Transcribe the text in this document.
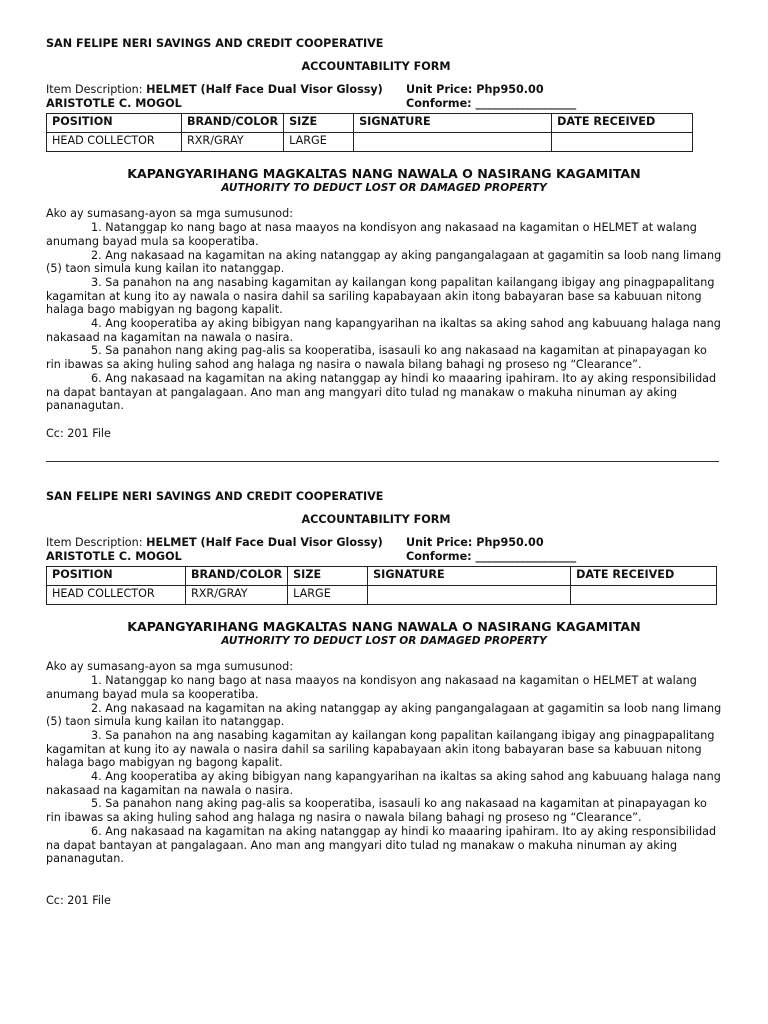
SAN FELIPE NERI SAVINGS AND CREDIT COOPERATIVE
ACCOUNTABILITY FORM
Item Description: HELMET (Half Face Dual Visor Glossy)
ARISTOTLE C. MOGOL
Unit Price: Php950.00
Conforme: __________________
POSITION	BRAND/COLOR	SIZE	SIGNATURE	DATE RECEIVED
HEAD COLLECTOR	RXR/GRAY	LARGE		
KAPANGYARIHANG MAGKALTAS NANG NAWALA O NASIRANG KAGAMITAN
AUTHORITY TO DEDUCT LOST OR DAMAGED PROPERTY

Ako ay sumasang-ayon sa mga sumusunod:

1. Natanggap ko nang bago at nasa maayos na kondisyon ang nakasaad na kagamitan o HELMET at walang anumang bayad mula sa kooperatiba.

2. Ang nakasaad na kagamitan na aking natanggap ay aking pangangalagaan at gagamitin sa loob nang limang (5) taon simula kung kailan ito natanggap.

3. Sa panahon na ang nasabing kagamitan ay kailangan kong papalitan kailangang ibigay ang pinagpapalitang kagamitan at kung ito ay nawala o nasira dahil sa sariling kapabayaan akin itong babayaran base sa kabuuan nitong halaga bago mabigyan ng bagong kapalit.

4. Ang kooperatiba ay aking bibigyan nang kapangyarihan na ikaltas sa aking sahod ang kabuuang halaga nang nakasaad na kagamitan na nawala o nasira.

5. Sa panahon nang aking pag-alis sa kooperatiba, isasauli ko ang nakasaad na kagamitan at pinapayagan ko rin ibawas sa aking huling sahod ang halaga ng nasira o nawala bilang bahagi ng proseso ng “Clearance”.

6. Ang nakasaad na kagamitan na aking natanggap ay hindi ko maaaring ipahiram. Ito ay aking responsibilidad na dapat bantayan at pangalagaan. Ano man ang mangyari dito tulad ng manakaw o makuha ninuman ay aking pananagutan.

Cc: 201 File
SAN FELIPE NERI SAVINGS AND CREDIT COOPERATIVE
ACCOUNTABILITY FORM
Item Description: HELMET (Half Face Dual Visor Glossy)
ARISTOTLE C. MOGOL
Unit Price: Php950.00
Conforme: __________________
POSITION	BRAND/COLOR	SIZE	SIGNATURE	DATE RECEIVED
HEAD COLLECTOR	RXR/GRAY	LARGE		
KAPANGYARIHANG MAGKALTAS NANG NAWALA O NASIRANG KAGAMITAN
AUTHORITY TO DEDUCT LOST OR DAMAGED PROPERTY

Ako ay sumasang-ayon sa mga sumusunod:

1. Natanggap ko nang bago at nasa maayos na kondisyon ang nakasaad na kagamitan o HELMET at walang anumang bayad mula sa kooperatiba.

2. Ang nakasaad na kagamitan na aking natanggap ay aking pangangalagaan at gagamitin sa loob nang limang (5) taon simula kung kailan ito natanggap.

3. Sa panahon na ang nasabing kagamitan ay kailangan kong papalitan kailangang ibigay ang pinagpapalitang kagamitan at kung ito ay nawala o nasira dahil sa sariling kapabayaan akin itong babayaran base sa kabuuan nitong halaga bago mabigyan ng bagong kapalit.

4. Ang kooperatiba ay aking bibigyan nang kapangyarihan na ikaltas sa aking sahod ang kabuuang halaga nang nakasaad na kagamitan na nawala o nasira.

5. Sa panahon nang aking pag-alis sa kooperatiba, isasauli ko ang nakasaad na kagamitan at pinapayagan ko rin ibawas sa aking huling sahod ang halaga ng nasira o nawala bilang bahagi ng proseso ng “Clearance”.

6. Ang nakasaad na kagamitan na aking natanggap ay hindi ko maaaring ipahiram. Ito ay aking responsibilidad na dapat bantayan at pangalagaan. Ano man ang mangyari dito tulad ng manakaw o makuha ninuman ay aking pananagutan.

Cc: 201 File
